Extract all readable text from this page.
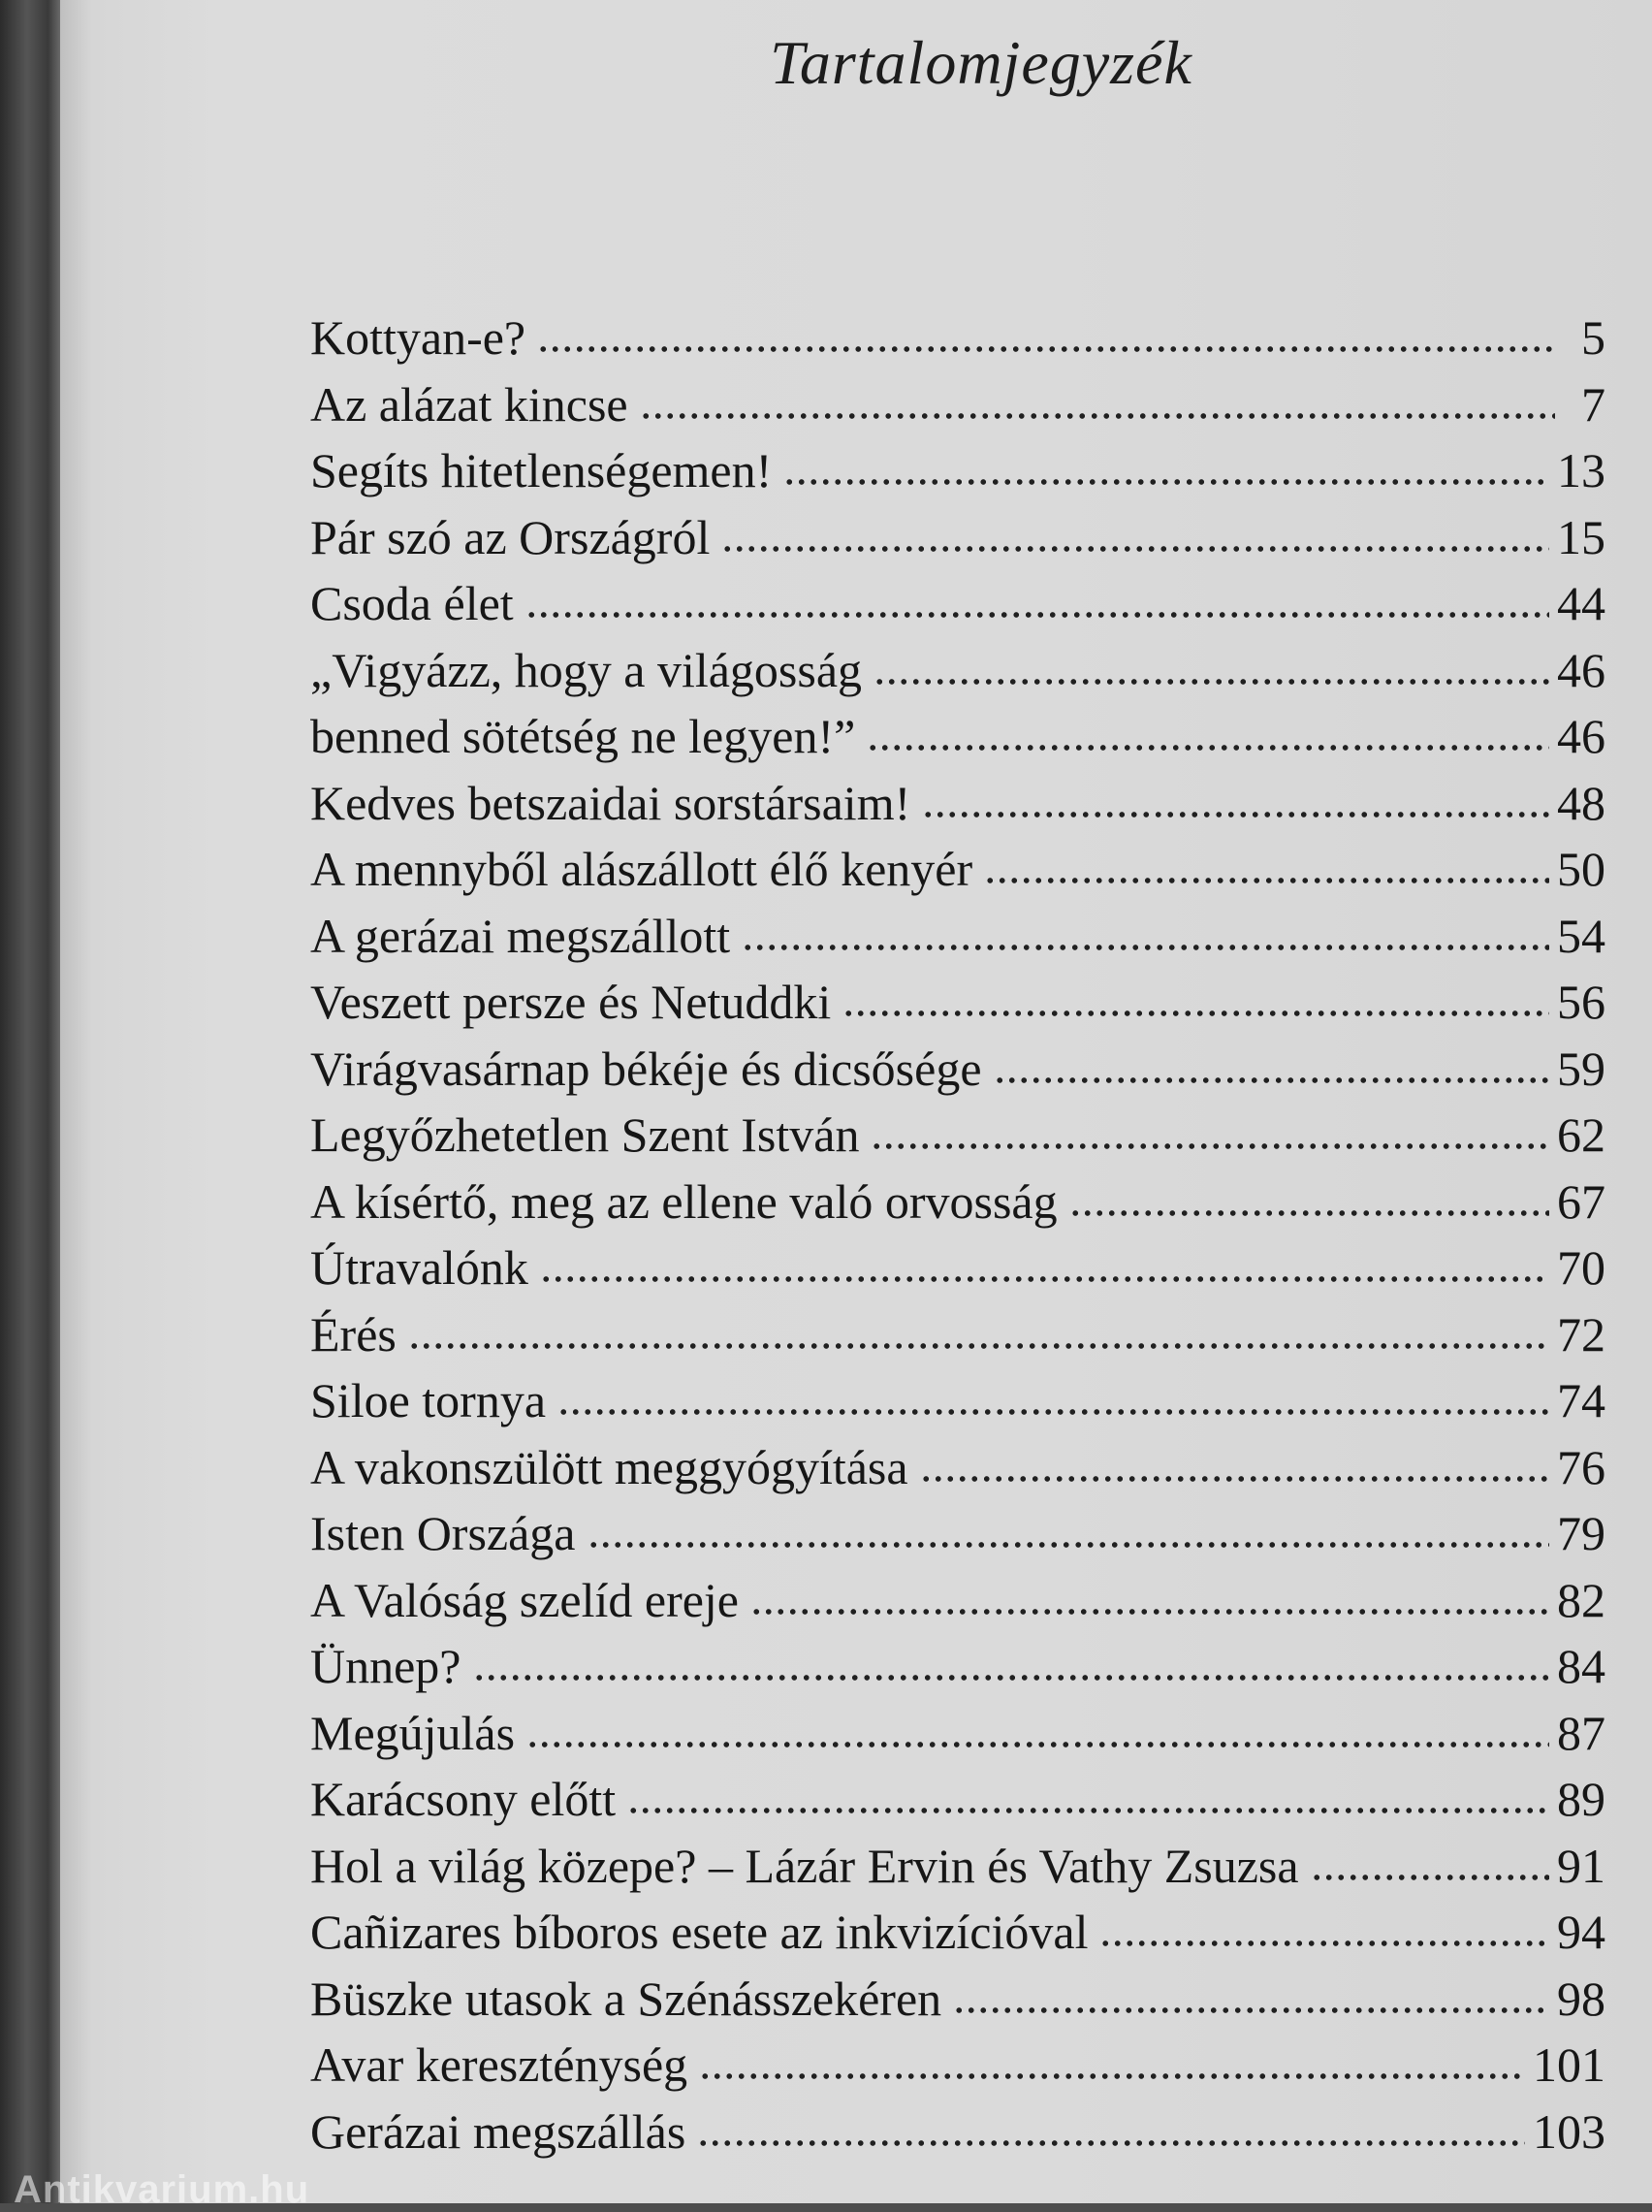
Tartalomjegyzék
Kottyan-e?	5
Az alázat kincse	7
Segíts hitetlenségemen!	13
Pár szó az Országról	15
Csoda élet	44
„Vigyázz, hogy a világosság	46
benned sötétség ne legyen!”	46
Kedves betszaidai sorstársaim!	48
A mennyből alászállott élő kenyér	50
A gerázai megszállott	54
Veszett persze és Netuddki	56
Virágvasárnap békéje és dicsősége	59
Legyőzhetetlen Szent István	62
A kísértő, meg az ellene való orvosság	67
Útravalónk	70
Érés	72
Siloe tornya	74
A vakonszülött meggyógyítása	76
Isten Országa	79
A Valóság szelíd ereje	82
Ünnep?	84
Megújulás	87
Karácsony előtt	89
Hol a világ közepe? – Lázár Ervin és Vathy Zsuzsa	91
Cañizares bíboros esete az inkvizícióval	94
Büszke utasok a Szénásszekéren	98
Avar kereszténység	101
Gerázai megszállás	103
Antikvarium.hu
